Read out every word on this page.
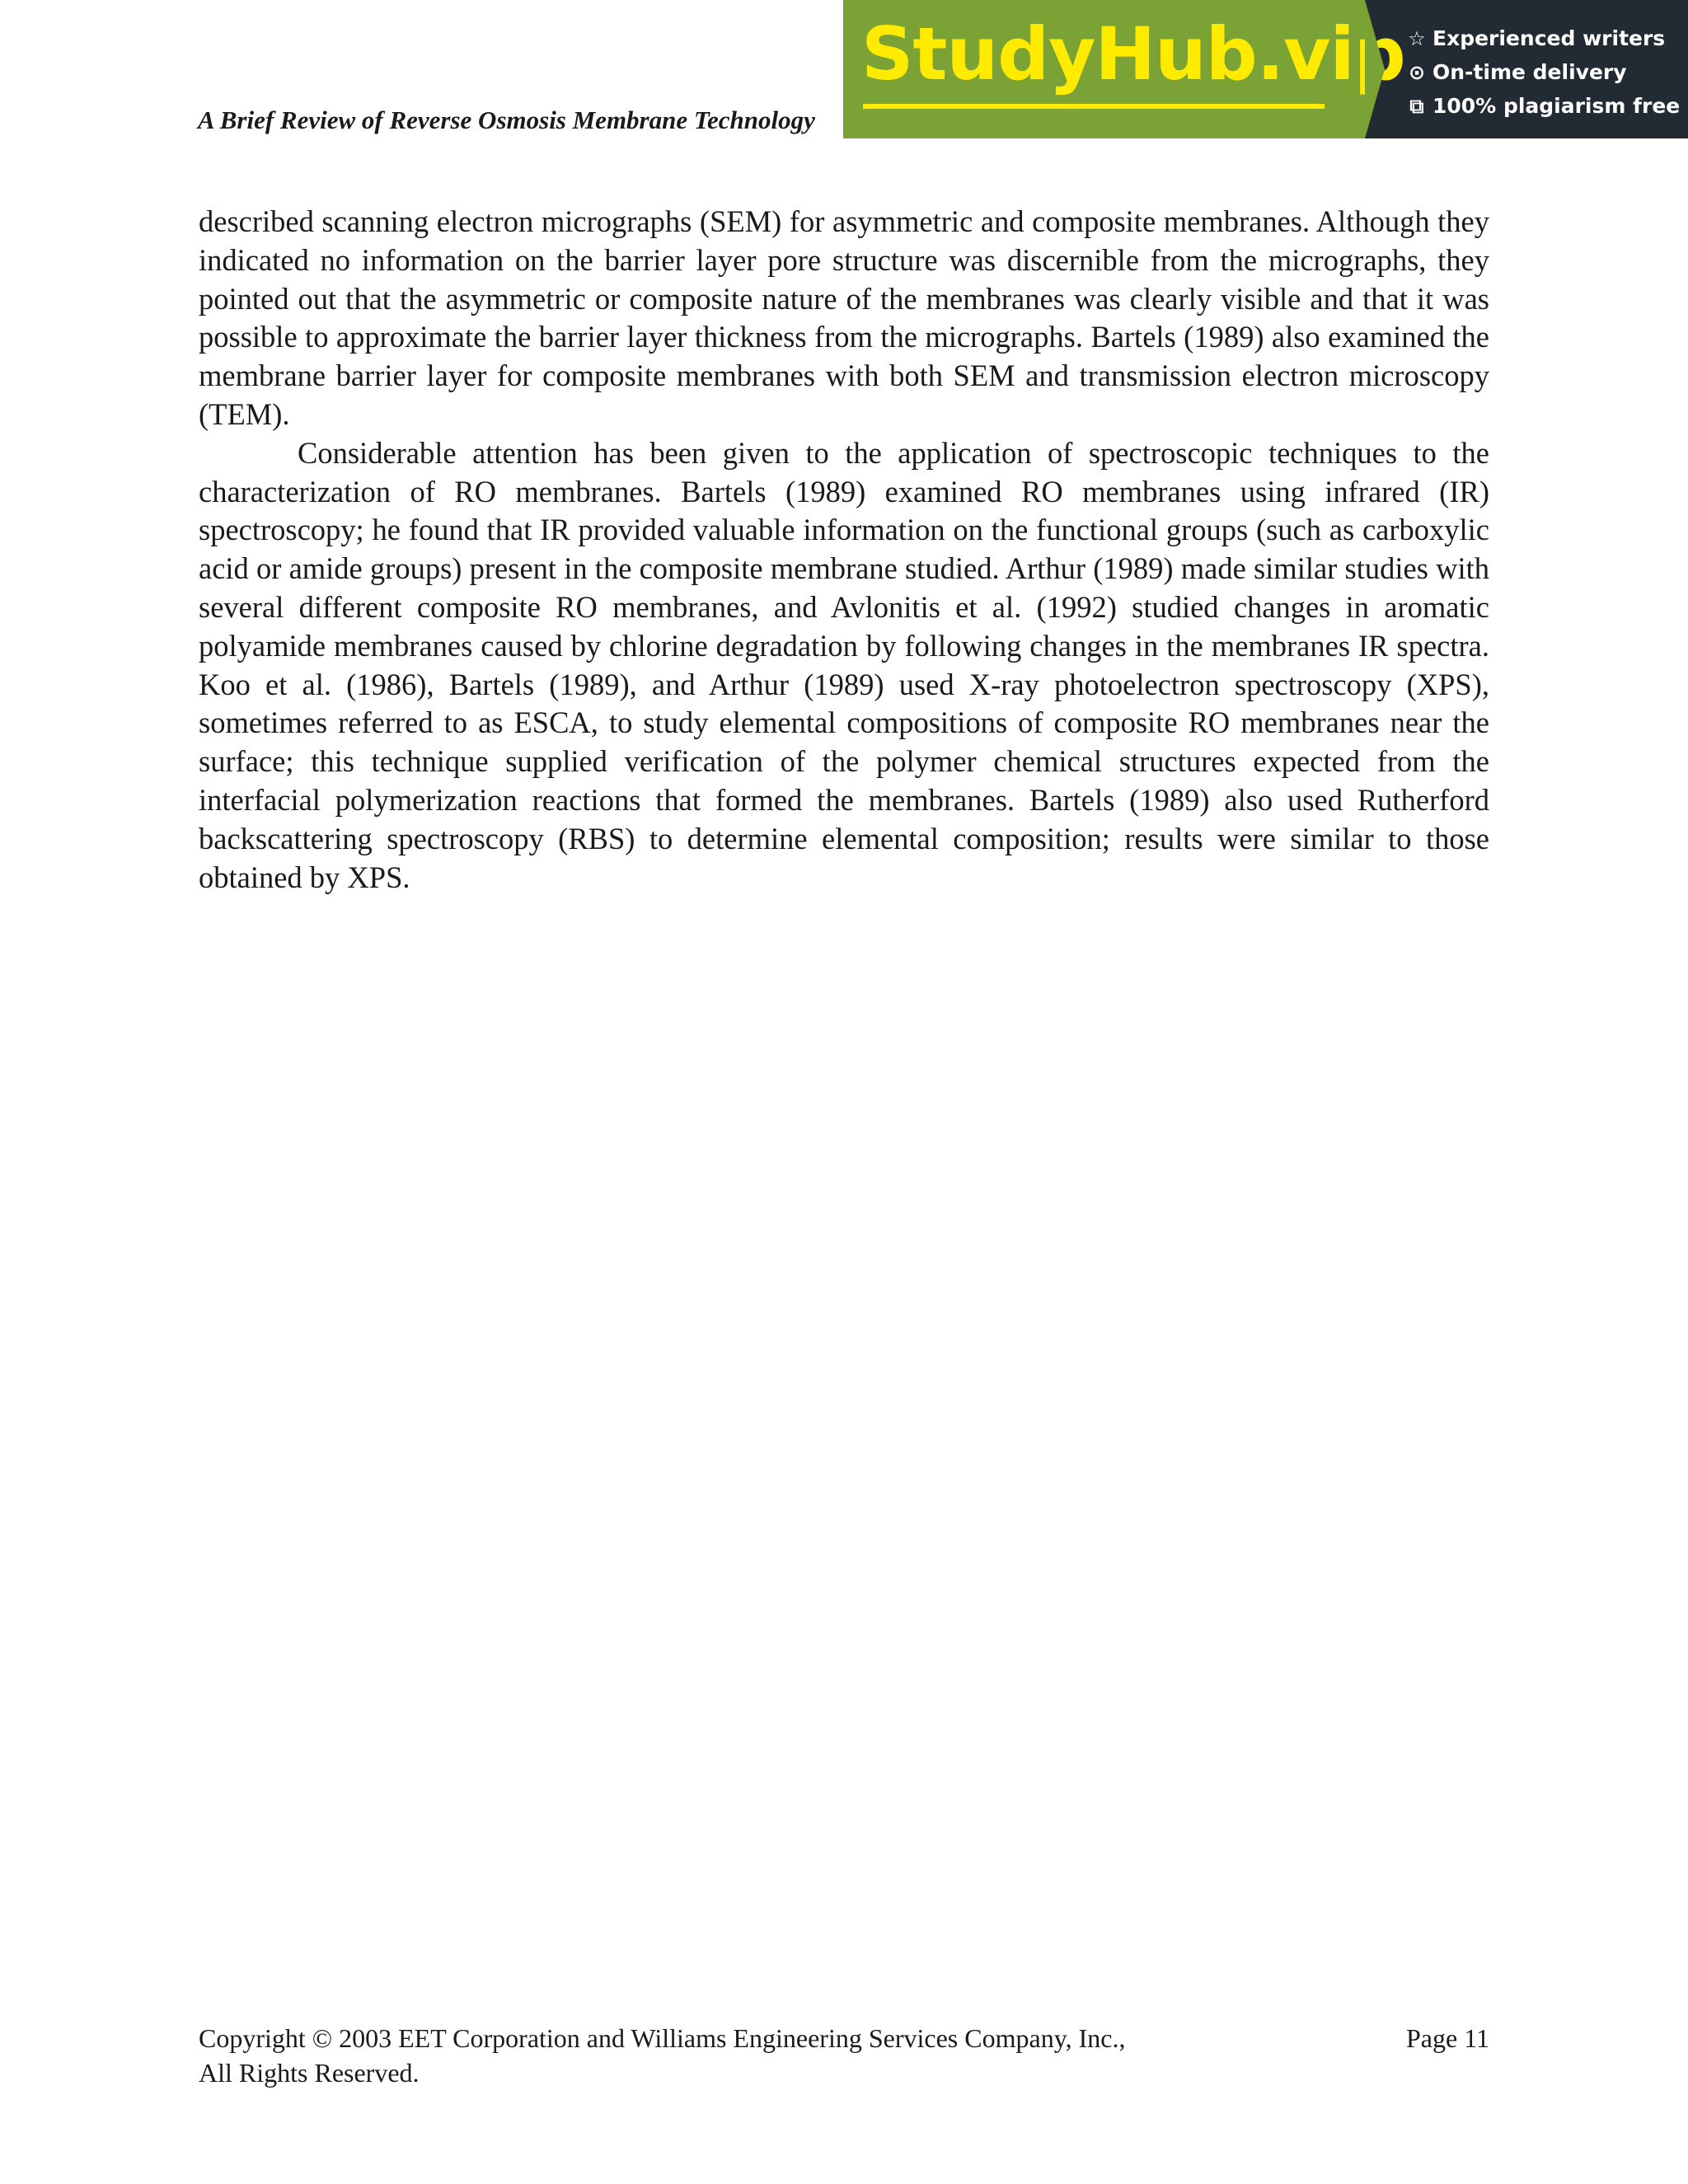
A Brief Review of Reverse Osmosis Membrane Technology
StudyHub.vip ☆ Experienced writers
⊙ On-time delivery
⧉ 100% plagiarism free

described scanning electron micrographs (SEM) for asymmetric and composite membranes. Although they indicated no information on the barrier layer pore structure was discernible from the micrographs, they pointed out that the asymmetric or composite nature of the membranes was clearly visible and that it was possible to approximate the barrier layer thickness from the micrographs. Bartels (1989) also examined the membrane barrier layer for composite membranes with both SEM and transmission electron microscopy (TEM).

Considerable attention has been given to the application of spectroscopic techniques to the characterization of RO membranes. Bartels (1989) examined RO membranes using infrared (IR) spectroscopy; he found that IR provided valuable information on the functional groups (such as carboxylic acid or amide groups) present in the composite membrane studied. Arthur (1989) made similar studies with several different composite RO membranes, and Avlonitis et al. (1992) studied changes in aromatic polyamide membranes caused by chlorine degradation by following changes in the membranes IR spectra. Koo et al. (1986), Bartels (1989), and Arthur (1989) used X-ray photoelectron spectroscopy (XPS), sometimes referred to as ESCA, to study elemental compositions of composite RO membranes near the surface; this technique supplied verification of the polymer chemical structures expected from the interfacial polymerization reactions that formed the membranes. Bartels (1989) also used Rutherford backscattering spectroscopy (RBS) to determine elemental composition; results were similar to those obtained by XPS.

Copyright © 2003 EET Corporation and Williams Engineering Services Company, Inc.,
All Rights Reserved.
Page 11
